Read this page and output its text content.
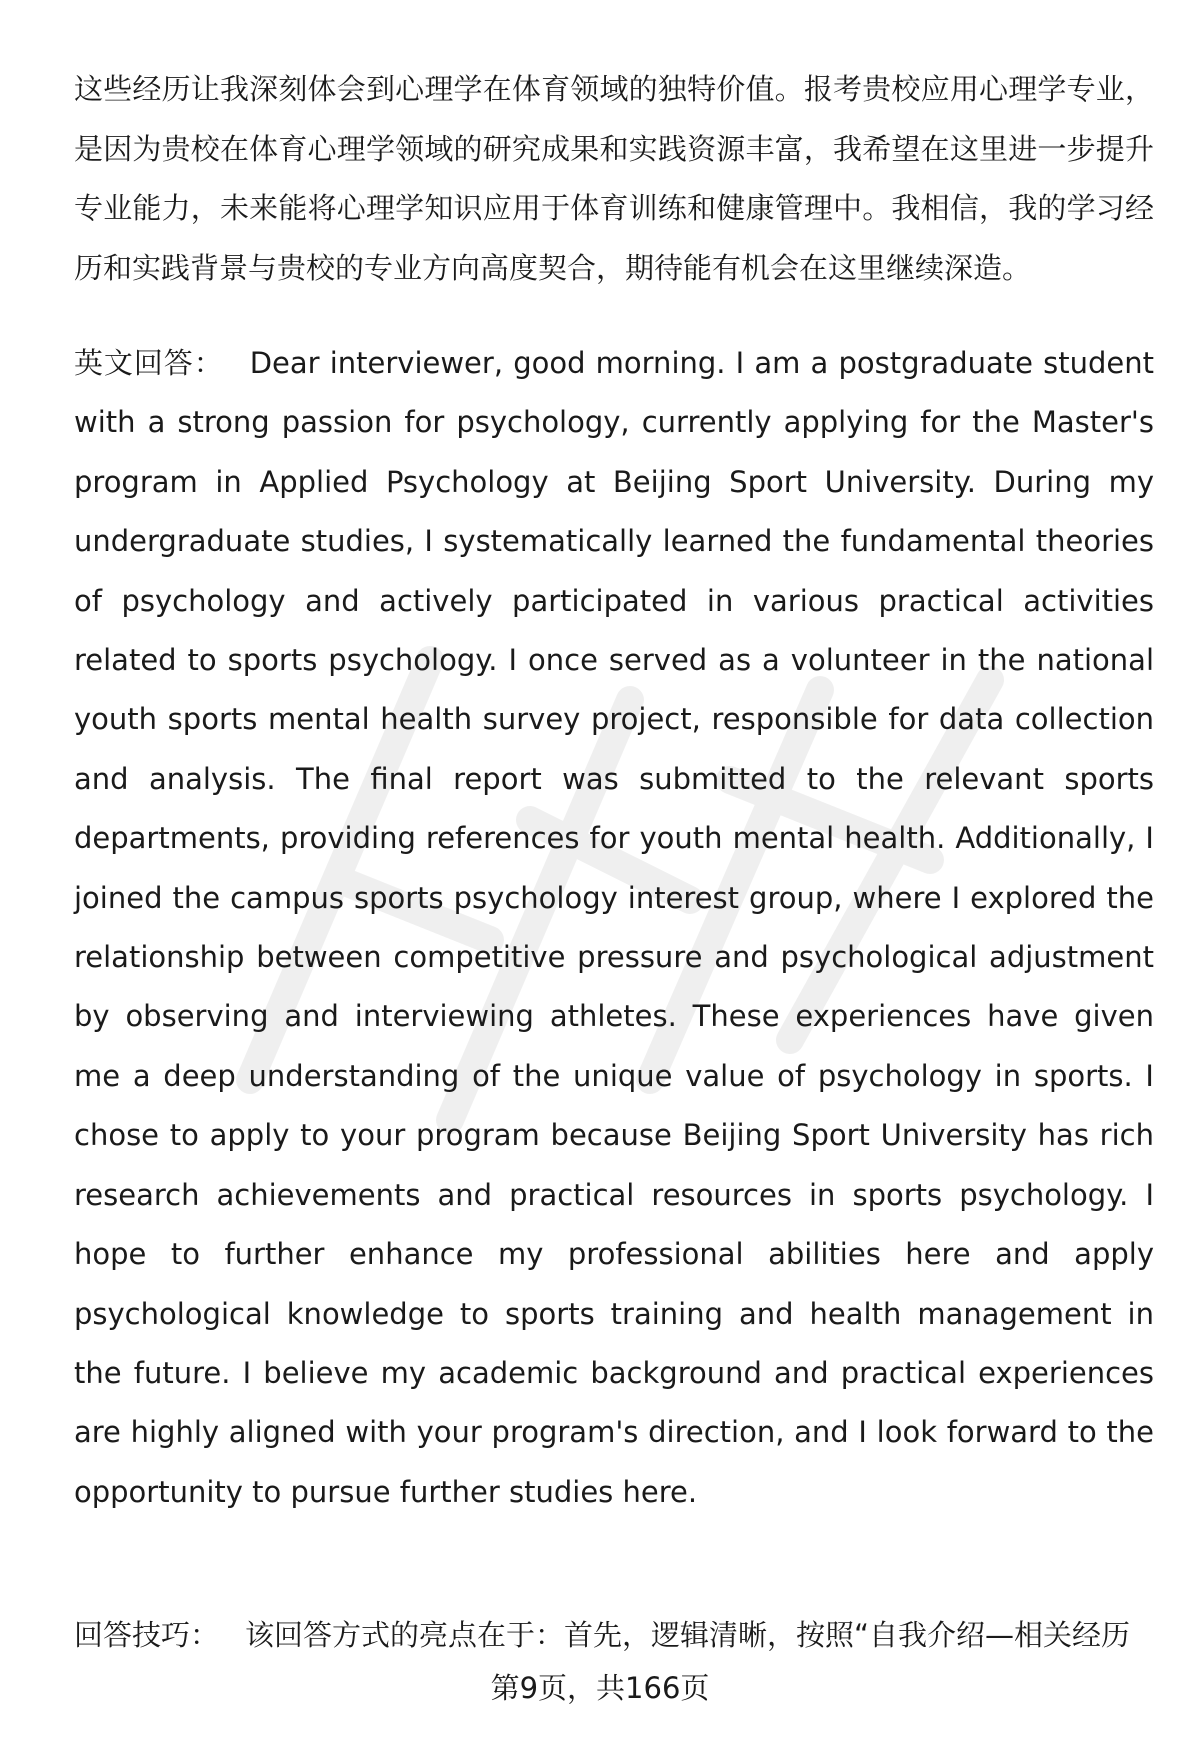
这些经历让我深刻体会到心理学在体育领域的独特价值。报考贵校应用心理学专业，是因为贵校在体育心理学领域的研究成果和实践资源丰富，我希望在这里进一步提升专业能力，未来能将心理学知识应用于体育训练和健康管理中。我相信，我的学习经历和实践背景与贵校的专业方向高度契合，期待能有机会在这里继续深造。

英文回答： Dear interviewer, good morning. I am a postgraduate student with a strong passion for psychology, currently applying for the Master's program in Applied Psychology at Beijing Sport University. During my undergraduate studies, I systematically learned the fundamental theories of psychology and actively participated in various practical activities related to sports psychology. I once served as a volunteer in the national youth sports mental health survey project, responsible for data collection and analysis. The final report was submitted to the relevant sports departments, providing references for youth mental health. Additionally, I joined the campus sports psychology interest group, where I explored the relationship between competitive pressure and psychological adjustment by observing and interviewing athletes. These experiences have given me a deep understanding of the unique value of psychology in sports. I chose to apply to your program because Beijing Sport University has rich research achievements and practical resources in sports psychology. I hope to further enhance my professional abilities here and apply psychological knowledge to sports training and health management in the future. I believe my academic background and practical experiences are highly aligned with your program's direction, and I look forward to the opportunity to pursue further studies here.

回答技巧： 该回答方式的亮点在于：首先，逻辑清晰，按照“自我介绍—相关经历

第9页，共166页
